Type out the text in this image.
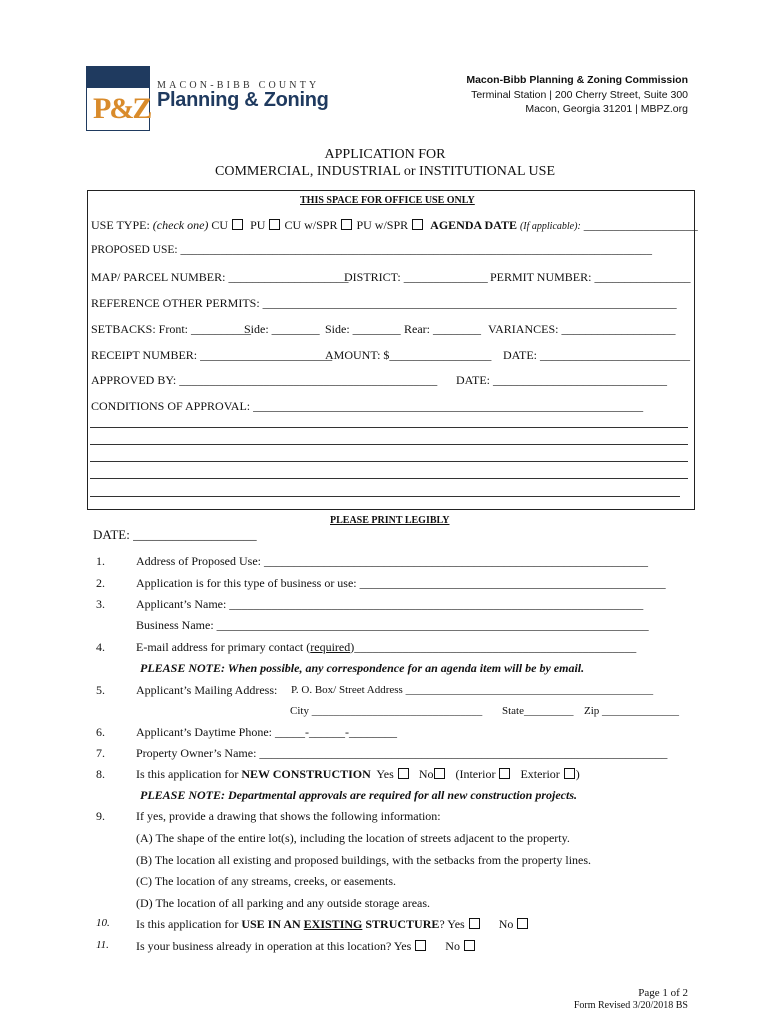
P&Z
MACON-BIBB COUNTY
Planning & Zoning
Macon-Bibb Planning & Zoning Commission
Terminal Station | 200 Cherry Street, Suite 300
Macon, Georgia 31201 | MBPZ.org
APPLICATION FOR
COMMERCIAL, INDUSTRIAL or INSTITUTIONAL USE
THIS SPACE FOR OFFICE USE ONLY
USE TYPE: (check one) CU PU CU w/SPR PU w/SPR AGENDA DATE (If applicable): ___________________
PROPOSED USE: __________________________________________________________________________________
MAP/ PARCEL NUMBER: ____________________
DISTRICT: ______________ PERMIT NUMBER: ________________
REFERENCE OTHER PERMITS: _____________________________________________________________________
SETBACKS: Front: __________
Side: ________ Side: ________ Rear: ________ VARIANCES: ___________________
RECEIPT NUMBER: ______________________
AMOUNT: $_________________ DATE: _________________________
APPROVED BY: ___________________________________________ DATE: _____________________________
CONDITIONS OF APPROVAL: _________________________________________________________________
PLEASE PRINT LEGIBLY
DATE: ___________________
1.	Address of Proposed Use: ________________________________________________________________
2.	Application is for this type of business or use: ___________________________________________________
3.	Applicant’s Name: _____________________________________________________________________
Business Name: ________________________________________________________________________
4.	E-mail address for primary contact (required)_______________________________________________
PLEASE NOTE: When possible, any correspondence for an agenda item will be by email.
5.	Applicant’s Mailing Address: P. O. Box/ Street Address _____________________________________________
City _______________________________ State_________ Zip ______________
6.	Applicant’s Daytime Phone: _____-______-________
7.	Property Owner’s Name: ____________________________________________________________________
8.	Is this application for NEW CONSTRUCTION Yes No (Interior Exterior )
PLEASE NOTE: Departmental approvals are required for all new construction projects.
9.	If yes, provide a drawing that shows the following information:
(A) The shape of the entire lot(s), including the location of streets adjacent to the property.
(B) The location all existing and proposed buildings, with the setbacks from the property lines.
(C) The location of any streams, creeks, or easements.
(D) The location of all parking and any outside storage areas.
10. Is this application for USE IN AN EXISTING STRUCTURE? Yes	No
11. Is your business already in operation at this location? Yes	No
Page 1 of 2
Form Revised 3/20/2018 BS
